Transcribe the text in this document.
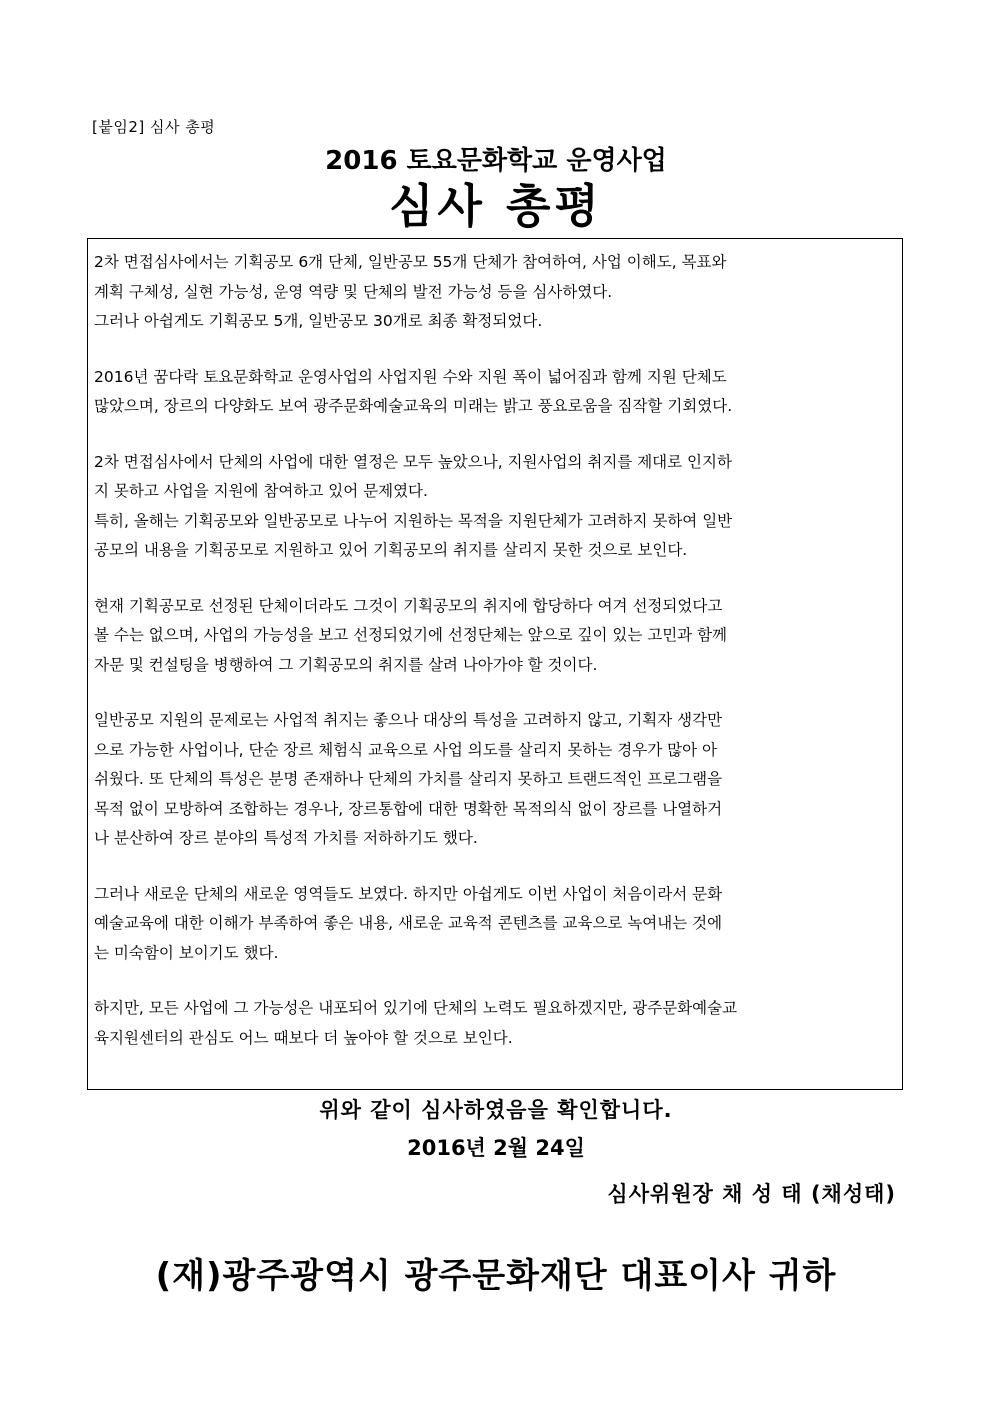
[붙임2] 심사 총평
2016 토요문화학교 운영사업
심사 총평

2차 면접심사에서는 기획공모 6개 단체, 일반공모 55개 단체가 참여하여, 사업 이해도, 목표와
계획 구체성, 실현 가능성, 운영 역량 및 단체의 발전 가능성 등을 심사하였다.
그러나 아쉽게도 기획공모 5개, 일반공모 30개로 최종 확정되었다.

2016년 꿈다락 토요문화학교 운영사업의 사업지원 수와 지원 폭이 넓어짐과 함께 지원 단체도
많았으며, 장르의 다양화도 보여 광주문화예술교육의 미래는 밝고 풍요로움을 짐작할 기회였다.

2차 면접심사에서 단체의 사업에 대한 열정은 모두 높았으나, 지원사업의 취지를 제대로 인지하
지 못하고 사업을 지원에 참여하고 있어 문제였다.
특히, 올해는 기획공모와 일반공모로 나누어 지원하는 목적을 지원단체가 고려하지 못하여 일반
공모의 내용을 기획공모로 지원하고 있어 기획공모의 취지를 살리지 못한 것으로 보인다.

현재 기획공모로 선정된 단체이더라도 그것이 기획공모의 취지에 합당하다 여겨 선정되었다고
볼 수는 없으며, 사업의 가능성을 보고 선정되었기에 선정단체는 앞으로 깊이 있는 고민과 함께
자문 및 컨설팅을 병행하여 그 기획공모의 취지를 살려 나아가야 할 것이다.

일반공모 지원의 문제로는 사업적 취지는 좋으나 대상의 특성을 고려하지 않고, 기획자 생각만
으로 가능한 사업이나, 단순 장르 체험식 교육으로 사업 의도를 살리지 못하는 경우가 많아 아
쉬웠다. 또 단체의 특성은 분명 존재하나 단체의 가치를 살리지 못하고 트랜드적인 프로그램을
목적 없이 모방하여 조합하는 경우나, 장르통합에 대한 명확한 목적의식 없이 장르를 나열하거
나 분산하여 장르 분야의 특성적 가치를 저하하기도 했다.

그러나 새로운 단체의 새로운 영역들도 보였다. 하지만 아쉽게도 이번 사업이 처음이라서 문화
예술교육에 대한 이해가 부족하여 좋은 내용, 새로운 교육적 콘텐츠를 교육으로 녹여내는 것에
는 미숙함이 보이기도 했다.

하지만, 모든 사업에 그 가능성은 내포되어 있기에 단체의 노력도 필요하겠지만, 광주문화예술교
육지원센터의 관심도 어느 때보다 더 높아야 할 것으로 보인다.

위와 같이 심사하였음을 확인합니다.
2016년 2월 24일
심사위원장 채 성 태 (채성태)
(재)광주광역시 광주문화재단 대표이사 귀하
